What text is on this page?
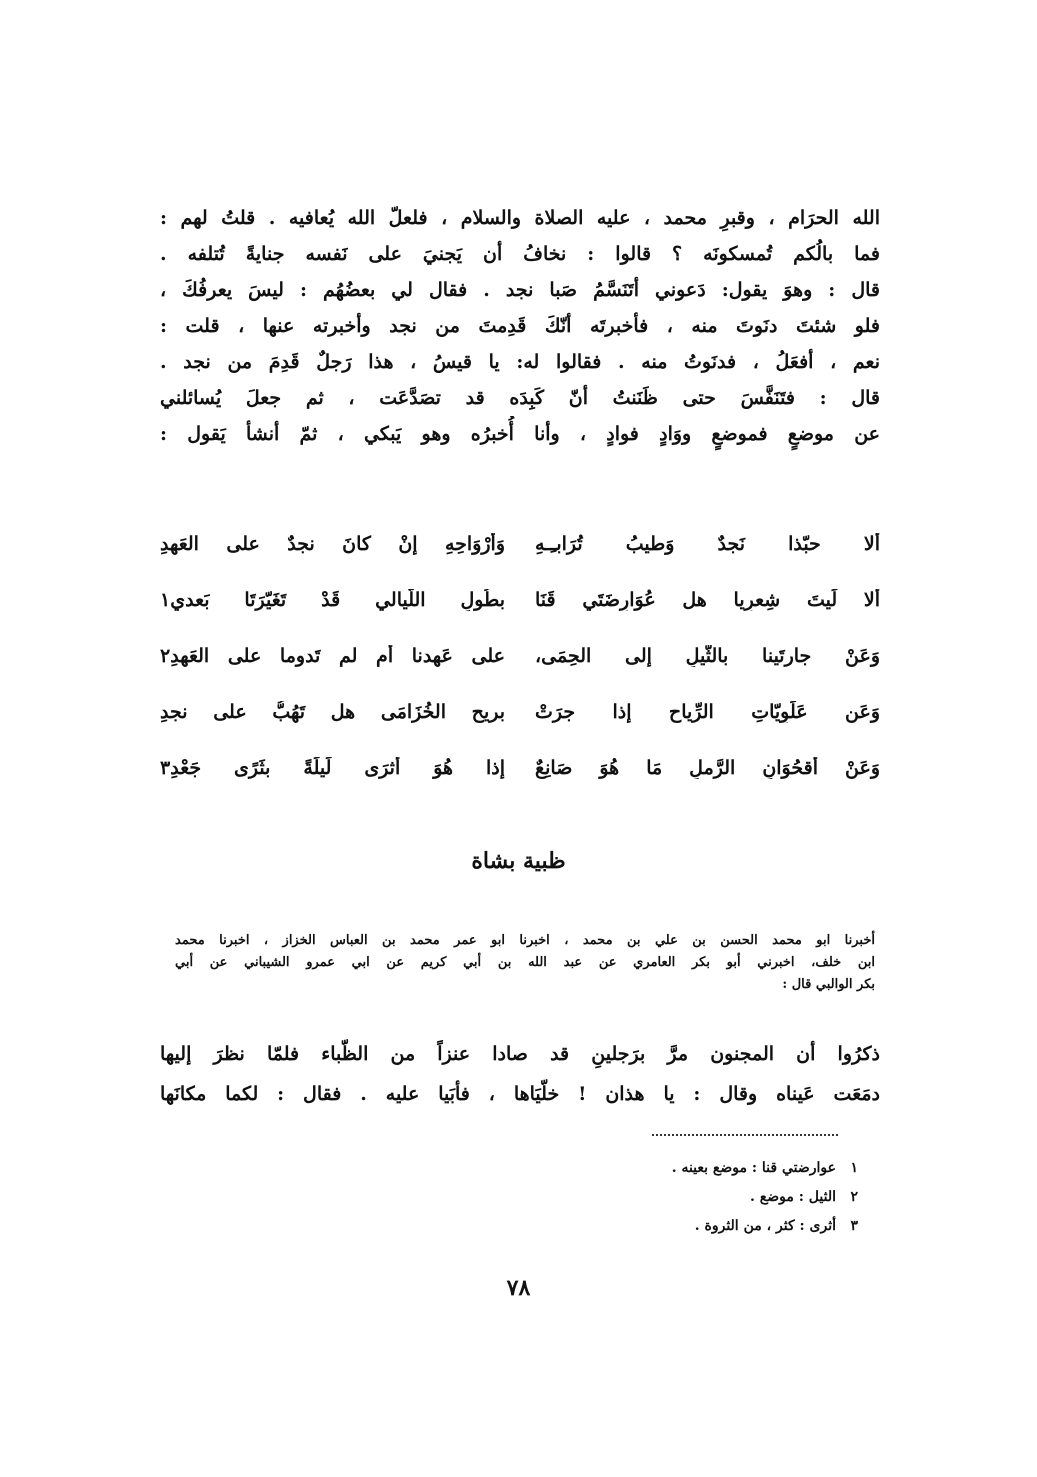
الله الحرَام ، وقبرِ محمد ، عليه الصلاة والسلام ، فلعلّ الله يُعافيه . قلتُ لهم :
فما بالُكم تُمسكونَه ؟ قالوا : نخافُ أن يَجنيَ على نَفسه جنايةً تُتلفه .
قال : وهوَ يقول: دَعوني أتَنَسَّمُ صَبا نجد . فقال لي بعضُهُم : ليسَ يعرفُكَ ،
فلو شئتَ دنَوتَ منه ، فأخبرتَه أنّكَ قَدِمتَ من نجد وأخبرته عنها ، قلت :
نعم ، أفعَلُ ، فدنَوتُ منه . فقالوا له: يا قيسُ ، هذا رَجلٌ قَدِمَ من نجد .
قال : فتَنَفَّسَ حتى ظَنَنتُ أنّ كَبِدَه قد تصَدَّعَت ، ثم جعلَ يُسائلني
عن موضعٍ فموضعٍ ووَادٍ فوادٍ ، وأنا أُخبرُه وهو يَبكي ، ثمّ أنشأ يَقول :
ألا حبّذا نَجدٌ وَطيبُ تُرَابـِـهِ
وَأرْوَاحِهِ إنْ كانَ نجدٌ على العَهدِ
ألا لَيتَ شِعرِيا هل عُوَارِضَتَي قَنَا
بطُولِ اللّيالي قَدْ تَغَيّرَتَا بَعدي١
وَعَنْ جارتَينا بالثّيلِ إلى الحِمَى،
على عَهدنا أم لم تَدوما على العَهدِ٢
وَعَن عَلَوِيّاتِ الرِّياحِ إذا جرَتْ
بريحِ الخُزَامَى هل تَهُبُّ على نجدِ
وَعَنْ أُقحُوَانِ الرَّملِ مَا هُوَ صَانِعٌ
إذا هُوَ أثرَى لَيلَةً بثَرًى جَعْدِ٣
ظبية بشاة
أخبرنا ابو محمد الحسن بن علي بن محمد ، اخبرنا ابو عمر محمد بن العباس الخزاز ، اخبرنا محمد
ابن خلف، اخبرني أبو بكر العامري عن عبد الله بن أبي كريم عن ابي عمرو الشيباني عن أبي
بكر الوالبي قال :
ذكرُوا أن المجنون مرَّ برَجلينِ قد صادا عنزاً من الظّباء فلمّا نظرَ إليها
دمَعَت عَيناه وقال : يا هذان ! خلّيَاها ، فأبَيا عليه . فقال : لكما مكانَها
١عوارضتي قنا : موضع بعينه .
٢الثيل : موضع .
٣أثرى : كثر ، من الثروة .
٧٨
